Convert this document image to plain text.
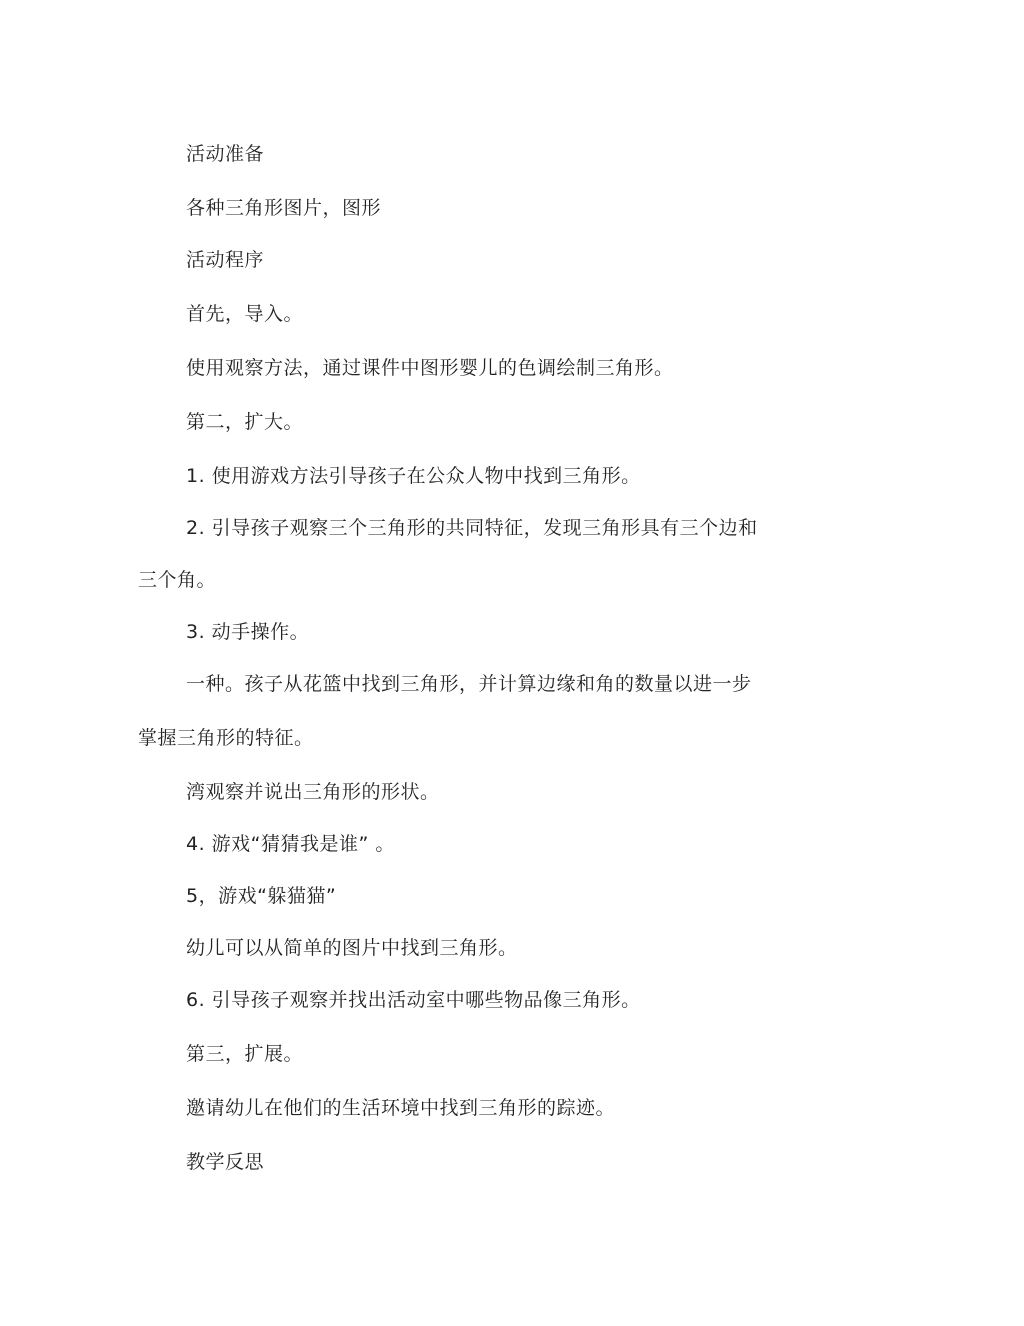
活动准备
各种三角形图片，图形
活动程序
首先，导入。
使用观察方法，通过课件中图形婴儿的色调绘制三角形。
第二，扩大。
1. 使用游戏方法引导孩子在公众人物中找到三角形。
2. 引导孩子观察三个三角形的共同特征，发现三角形具有三个边和
三个角。
3. 动手操作。
一种。孩子从花篮中找到三角形，并计算边缘和角的数量以进一步
掌握三角形的特征。
湾观察并说出三角形的形状。
4. 游戏“猜猜我是谁” 。
5，游戏“躲猫猫”
幼儿可以从简单的图片中找到三角形。
6. 引导孩子观察并找出活动室中哪些物品像三角形。
第三，扩展。
邀请幼儿在他们的生活环境中找到三角形的踪迹。
教学反思
